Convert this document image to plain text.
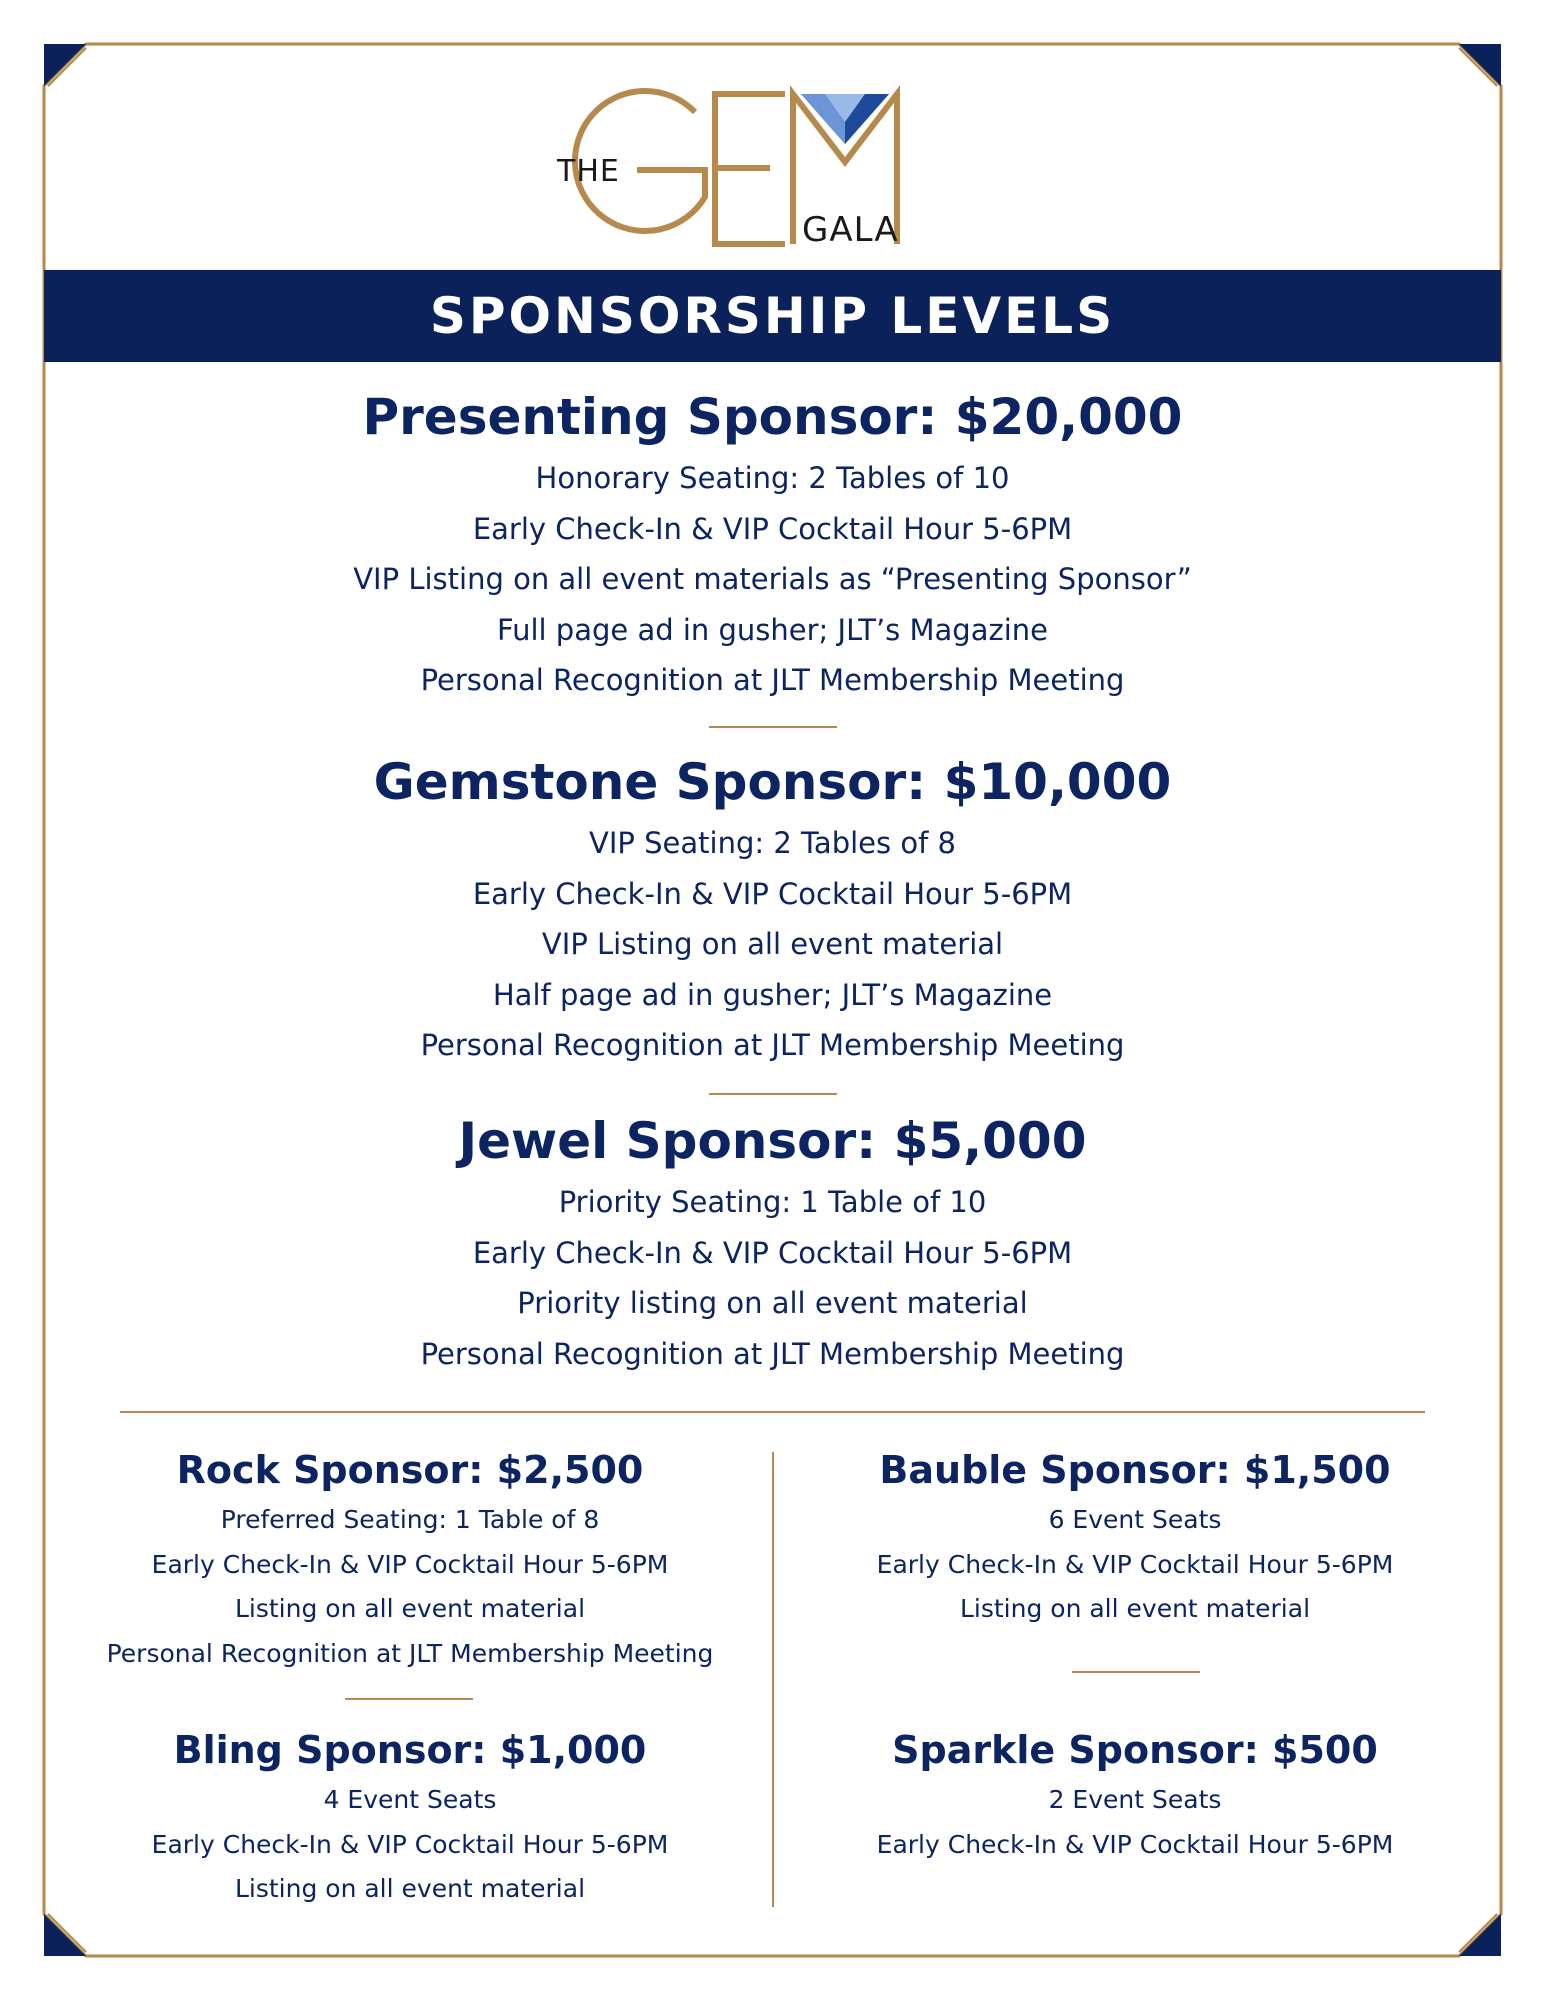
THE
GALA
SPONSORSHIP LEVELS
Presenting Sponsor: $20,000
Honorary Seating: 2 Tables of 10
Early Check-In & VIP Cocktail Hour 5-6PM
VIP Listing on all event materials as “Presenting Sponsor”
Full page ad in gusher; JLT’s Magazine
Personal Recognition at JLT Membership Meeting
Gemstone Sponsor: $10,000
VIP Seating: 2 Tables of 8
Early Check-In & VIP Cocktail Hour 5-6PM
VIP Listing on all event material
Half page ad in gusher; JLT’s Magazine
Personal Recognition at JLT Membership Meeting
Jewel Sponsor: $5,000
Priority Seating: 1 Table of 10
Early Check-In & VIP Cocktail Hour 5-6PM
Priority listing on all event material
Personal Recognition at JLT Membership Meeting
Rock Sponsor: $2,500
Preferred Seating: 1 Table of 8
Early Check-In & VIP Cocktail Hour 5-6PM
Listing on all event material
Personal Recognition at JLT Membership Meeting
Bling Sponsor: $1,000
4 Event Seats
Early Check-In & VIP Cocktail Hour 5-6PM
Listing on all event material
Bauble Sponsor: $1,500
6 Event Seats
Early Check-In & VIP Cocktail Hour 5-6PM
Listing on all event material
Sparkle Sponsor: $500
2 Event Seats
Early Check-In & VIP Cocktail Hour 5-6PM
